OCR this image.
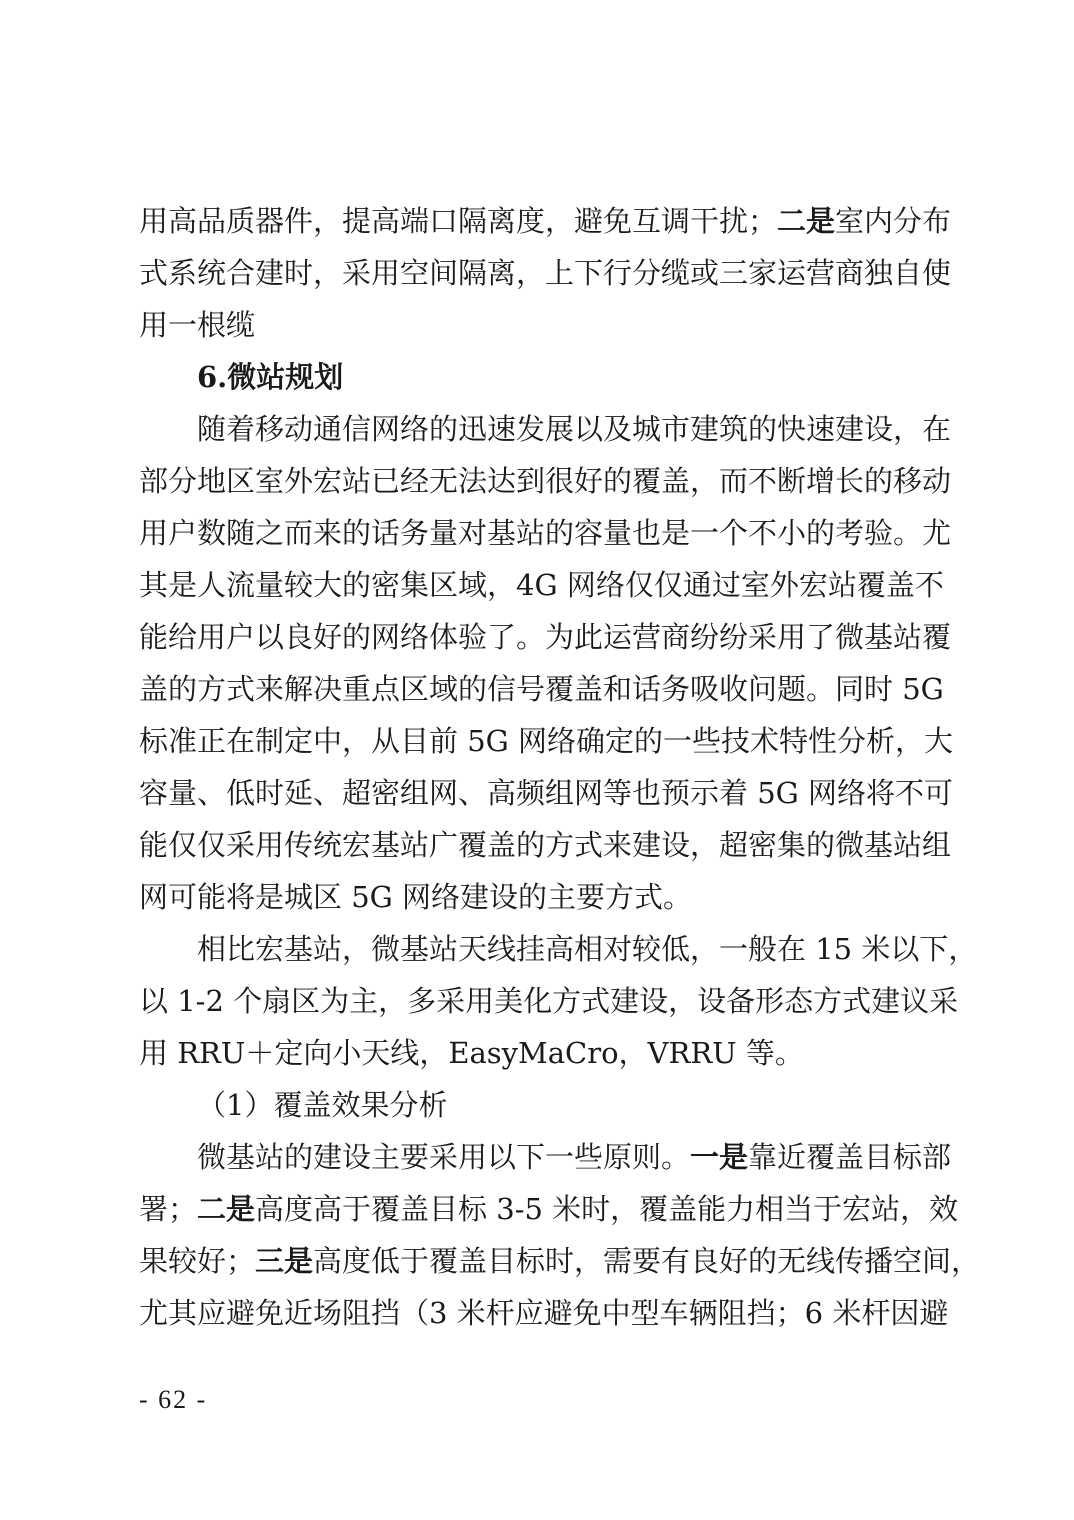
用高品质器件，提高端口隔离度，避免互调干扰；二是室内分布
式系统合建时，采用空间隔离，上下行分缆或三家运营商独自使
用一根缆
6.微站规划
随着移动通信网络的迅速发展以及城市建筑的快速建设，在
部分地区室外宏站已经无法达到很好的覆盖，而不断增长的移动
用户数随之而来的话务量对基站的容量也是一个不小的考验。尤
其是人流量较大的密集区域，4G 网络仅仅通过室外宏站覆盖不
能给用户以良好的网络体验了。为此运营商纷纷采用了微基站覆
盖的方式来解决重点区域的信号覆盖和话务吸收问题。同时 5G
标准正在制定中，从目前 5G 网络确定的一些技术特性分析，大
容量、低时延、超密组网、高频组网等也预示着 5G 网络将不可
能仅仅采用传统宏基站广覆盖的方式来建设，超密集的微基站组
网可能将是城区 5G 网络建设的主要方式。
相比宏基站，微基站天线挂高相对较低，一般在 15 米以下，
以 1-2 个扇区为主，多采用美化方式建设，设备形态方式建议采
用 RRU＋定向小天线，EasyMaCro，VRRU 等。
（1）覆盖效果分析
微基站的建设主要采用以下一些原则。一是靠近覆盖目标部
署；二是高度高于覆盖目标 3-5 米时，覆盖能力相当于宏站，效
果较好；三是高度低于覆盖目标时，需要有良好的无线传播空间，
尤其应避免近场阻挡（3 米杆应避免中型车辆阻挡；6 米杆因避
- 62 -
